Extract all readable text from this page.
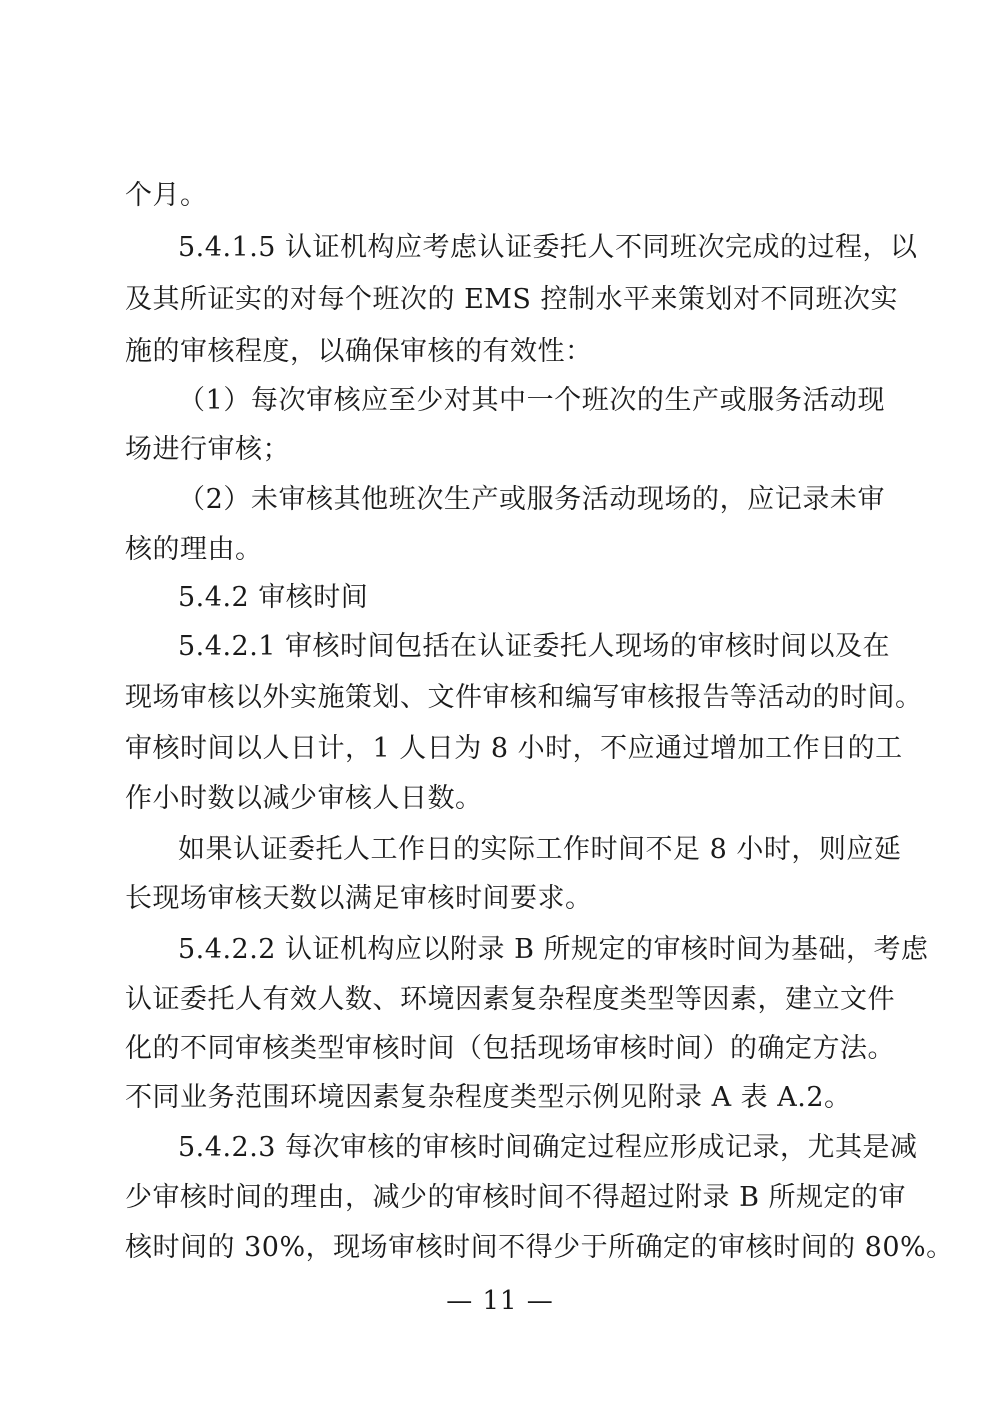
个月。
5.4.1.5 认证机构应考虑认证委托人不同班次完成的过程，以
及其所证实的对每个班次的 EMS 控制水平来策划对不同班次实
施的审核程度，以确保审核的有效性：
（1）每次审核应至少对其中一个班次的生产或服务活动现
场进行审核；
（2）未审核其他班次生产或服务活动现场的，应记录未审
核的理由。
5.4.2 审核时间
5.4.2.1 审核时间包括在认证委托人现场的审核时间以及在
现场审核以外实施策划、文件审核和编写审核报告等活动的时间。
审核时间以人日计，1 人日为 8 小时，不应通过增加工作日的工
作小时数以减少审核人日数。
如果认证委托人工作日的实际工作时间不足 8 小时，则应延
长现场审核天数以满足审核时间要求。
5.4.2.2 认证机构应以附录 B 所规定的审核时间为基础，考虑
认证委托人有效人数、环境因素复杂程度类型等因素，建立文件
化的不同审核类型审核时间（包括现场审核时间）的确定方法。
不同业务范围环境因素复杂程度类型示例见附录 A 表 A.2。
5.4.2.3 每次审核的审核时间确定过程应形成记录，尤其是减
少审核时间的理由，减少的审核时间不得超过附录 B 所规定的审
核时间的 30%，现场审核时间不得少于所确定的审核时间的 80%。
— 11 —
